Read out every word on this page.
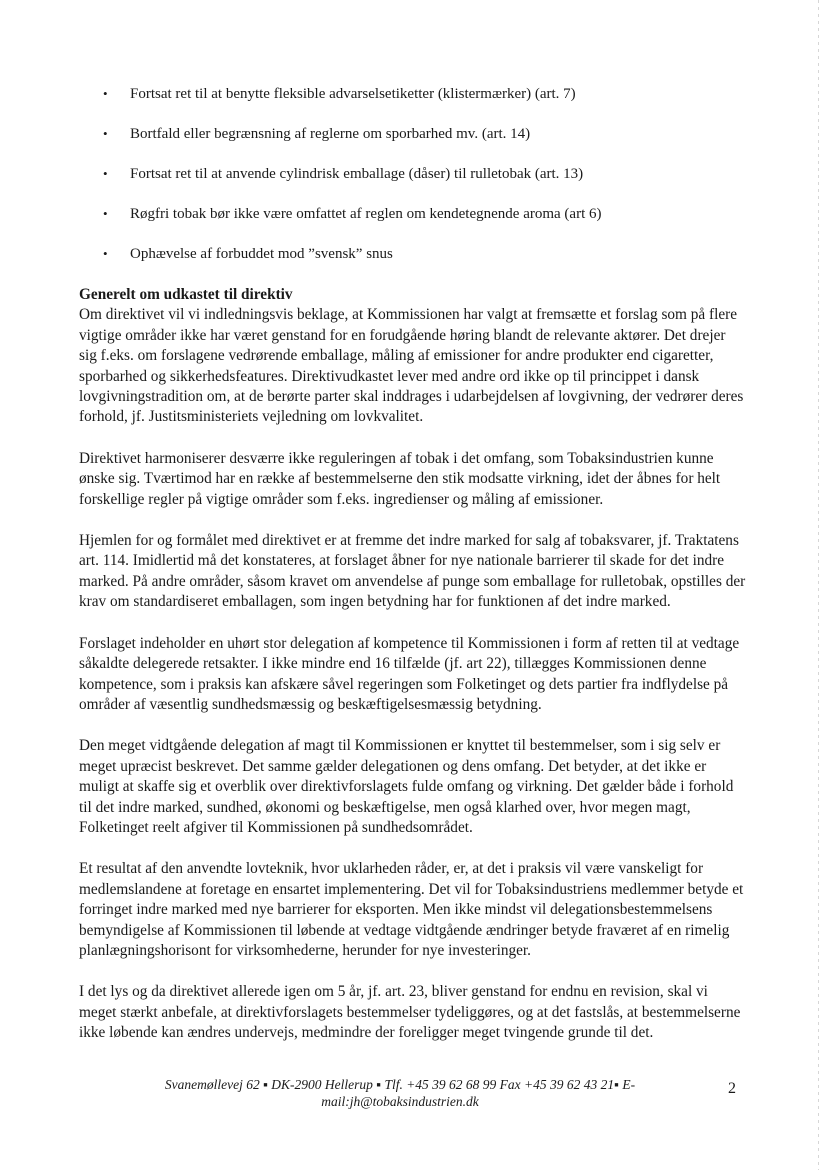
• Fortsat ret til at benytte fleksible advarselsetiketter (klistermærker) (art. 7)
• Bortfald eller begrænsning af reglerne om sporbarhed mv. (art. 14)
• Fortsat ret til at anvende cylindrisk emballage (dåser) til rulletobak (art. 13)
• Røgfri tobak bør ikke være omfattet af reglen om kendetegnende aroma (art 6)
• Ophævelse af forbuddet mod ”svensk” snus

Generelt om udkastet til direktiv

Om direktivet vil vi indledningsvis beklage, at Kommissionen har valgt at fremsætte et forslag som på flere vigtige områder ikke har været genstand for en forudgående høring blandt de relevante aktører. Det drejer sig f.eks. om forslagene vedrørende emballage, måling af emissioner for andre produkter end cigaretter, sporbarhed og sikkerhedsfeatures. Direktivudkastet lever med andre ord ikke op til princippet i dansk lovgivningstradition om, at de berørte parter skal inddrages i udarbejdelsen af lovgivning, der vedrører deres forhold, jf. Justitsministeriets vejledning om lovkvalitet.

Direktivet harmoniserer desværre ikke reguleringen af tobak i det omfang, som Tobaksindustrien kunne ønske sig. Tværtimod har en række af bestemmelserne den stik modsatte virkning, idet der åbnes for helt forskellige regler på vigtige områder som f.eks. ingredienser og måling af emissioner.

Hjemlen for og formålet med direktivet er at fremme det indre marked for salg af tobaksvarer, jf. Traktatens art. 114. Imidlertid må det konstateres, at forslaget åbner for nye nationale barrierer til skade for det indre marked. På andre områder, såsom kravet om anvendelse af punge som emballage for rulletobak, opstilles der krav om standardiseret emballagen, som ingen betydning har for funktionen af det indre marked.

Forslaget indeholder en uhørt stor delegation af kompetence til Kommissionen i form af retten til at vedtage såkaldte delegerede retsakter. I ikke mindre end 16 tilfælde (jf. art 22), tillægges Kommissionen denne kompetence, som i praksis kan afskære såvel regeringen som Folketinget og dets partier fra indflydelse på områder af væsentlig sundhedsmæssig og beskæftigelsesmæssig betydning.

Den meget vidtgående delegation af magt til Kommissionen er knyttet til bestemmelser, som i sig selv er meget upræcist beskrevet. Det samme gælder delegationen og dens omfang. Det betyder, at det ikke er muligt at skaffe sig et overblik over direktivforslagets fulde omfang og virkning. Det gælder både i forhold til det indre marked, sundhed, økonomi og beskæftigelse, men også klarhed over, hvor megen magt, Folketinget reelt afgiver til Kommissionen på sundhedsområdet.

Et resultat af den anvendte lovteknik, hvor uklarheden råder, er, at det i praksis vil være vanskeligt for medlemslandene at foretage en ensartet implementering. Det vil for Tobaksindustriens medlemmer betyde et forringet indre marked med nye barrierer for eksporten. Men ikke mindst vil delegationsbestemmelsens bemyndigelse af Kommissionen til løbende at vedtage vidtgående ændringer betyde fraværet af en rimelig planlægningshorisont for virksomhederne, herunder for nye investeringer.

I det lys og da direktivet allerede igen om 5 år, jf. art. 23, bliver genstand for endnu en revision, skal vi meget stærkt anbefale, at direktivforslagets bestemmelser tydeliggøres, og at det fastslås, at bestemmelserne ikke løbende kan ændres undervejs, medmindre der foreligger meget tvingende grunde til det.

Svanemøllevej 62 ▪ DK-2900 Hellerup ▪ Tlf. +45 39 62 68 99 Fax +45 39 62 43 21▪ E-
mail:jh@tobaksindustrien.dk
2
